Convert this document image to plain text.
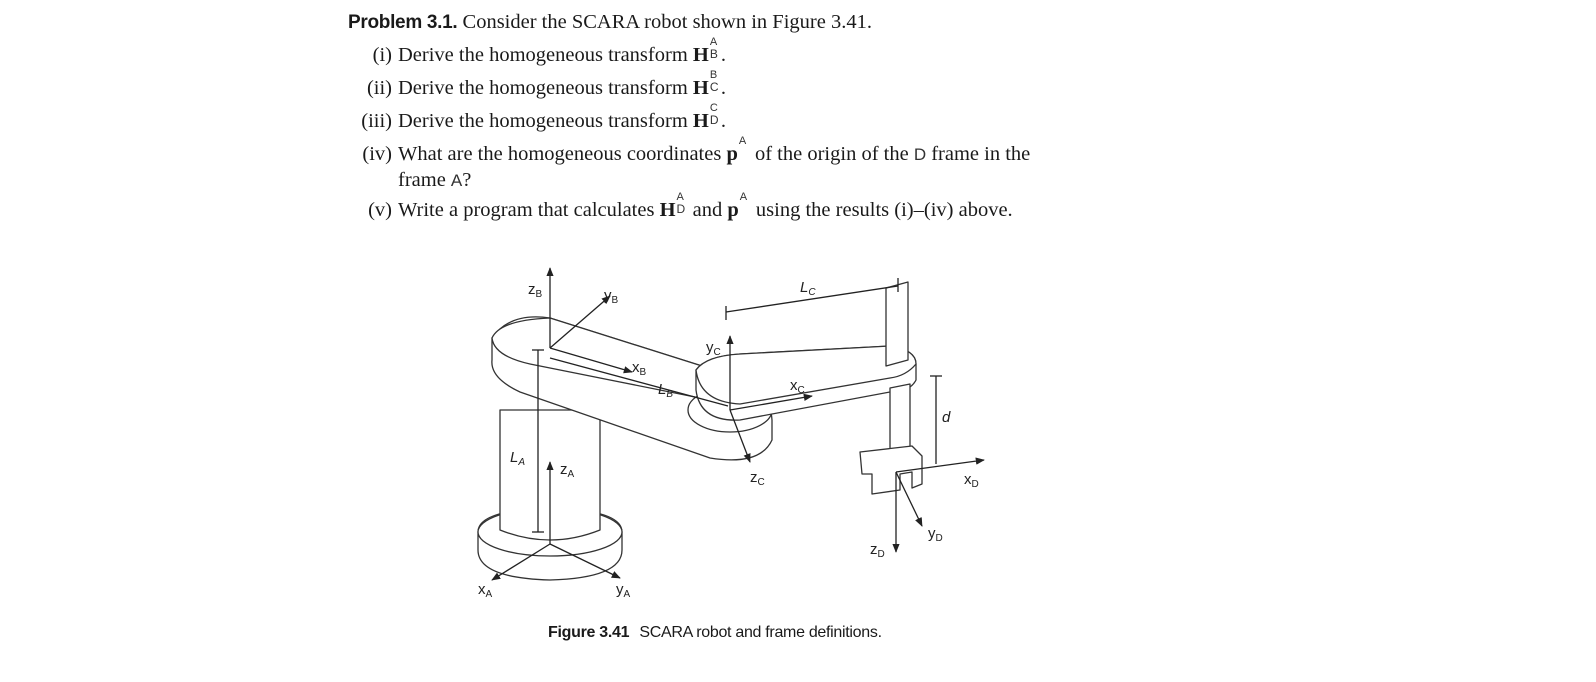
Problem 3.1. Consider the SCARA robot shown in Figure 3.41.
(i) Derive the homogeneous transform H
A
B .
(ii) Derive the homogeneous transform H
B
C .
(iii) Derive the homogeneous transform H
C
D .
(iv) What are the homogeneous coordinates p
A
of the origin of the D frame in the
frame A?
(v) Write a program that calculates H
A
D and p
A
using the results (i)–(iv) above.
$z_B$	$y_B$
$x_B$
$L_B$
$y_C$
$x_C$
$z_C$
$L_C$
d
$L_A$ $z_A$
$x_A$	$y_A$
$x_D$
$y_D$
$z_D$
Figure 3.41 SCARA robot and frame definitions.
